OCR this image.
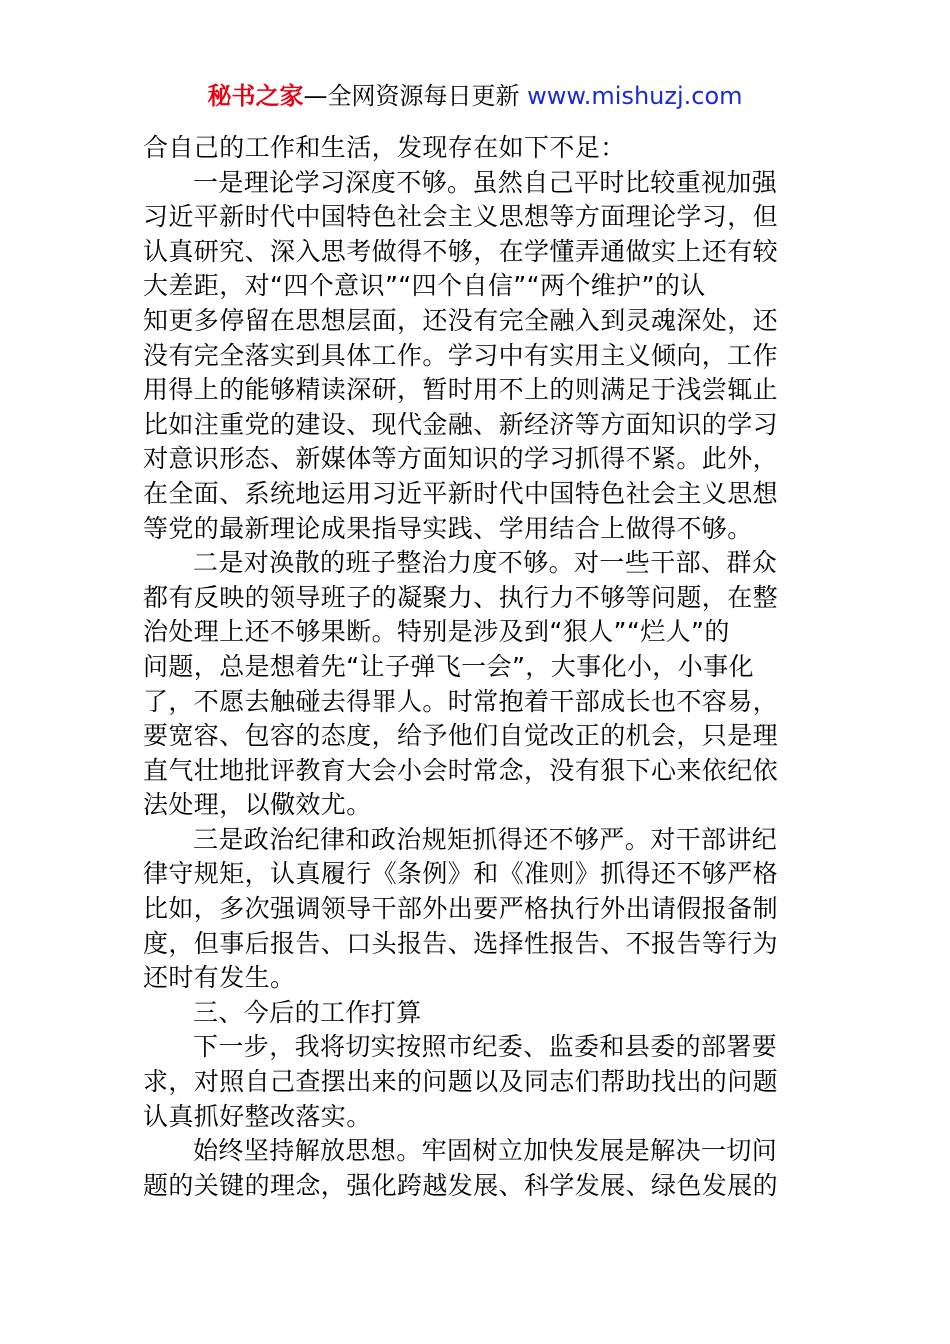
秘书之家—全网资源每日更新 www.mishuzj.com
合自己的工作和生活，发现存在如下不足：
一是理论学习深度不够。虽然自己平时比较重视加强
习近平新时代中国特色社会主义思想等方面理论学习，但
认真研究、深入思考做得不够，在学懂弄通做实上还有较
大差距，对“四个意识”“四个自信”“两个维护”的认
知更多停留在思想层面，还没有完全融入到灵魂深处，还
没有完全落实到具体工作。学习中有实用主义倾向，工作
用得上的能够精读深研，暂时用不上的则满足于浅尝辄止
比如注重党的建设、现代金融、新经济等方面知识的学习
对意识形态、新媒体等方面知识的学习抓得不紧。此外，
在全面、系统地运用习近平新时代中国特色社会主义思想
等党的最新理论成果指导实践、学用结合上做得不够。
二是对涣散的班子整治力度不够。对一些干部、群众
都有反映的领导班子的凝聚力、执行力不够等问题，在整
治处理上还不够果断。特别是涉及到“狠人”“烂人”的
问题，总是想着先“让子弹飞一会”，大事化小，小事化
了，不愿去触碰去得罪人。时常抱着干部成长也不容易，
要宽容、包容的态度，给予他们自觉改正的机会，只是理
直气壮地批评教育大会小会时常念，没有狠下心来依纪依
法处理，以儆效尤。
三是政治纪律和政治规矩抓得还不够严。对干部讲纪
律守规矩，认真履行《条例》和《准则》抓得还不够严格
比如，多次强调领导干部外出要严格执行外出请假报备制
度，但事后报告、口头报告、选择性报告、不报告等行为
还时有发生。
三、今后的工作打算
下一步，我将切实按照市纪委、监委和县委的部署要
求，对照自己查摆出来的问题以及同志们帮助找出的问题
认真抓好整改落实。
始终坚持解放思想。牢固树立加快发展是解决一切问
题的关键的理念，强化跨越发展、科学发展、绿色发展的
